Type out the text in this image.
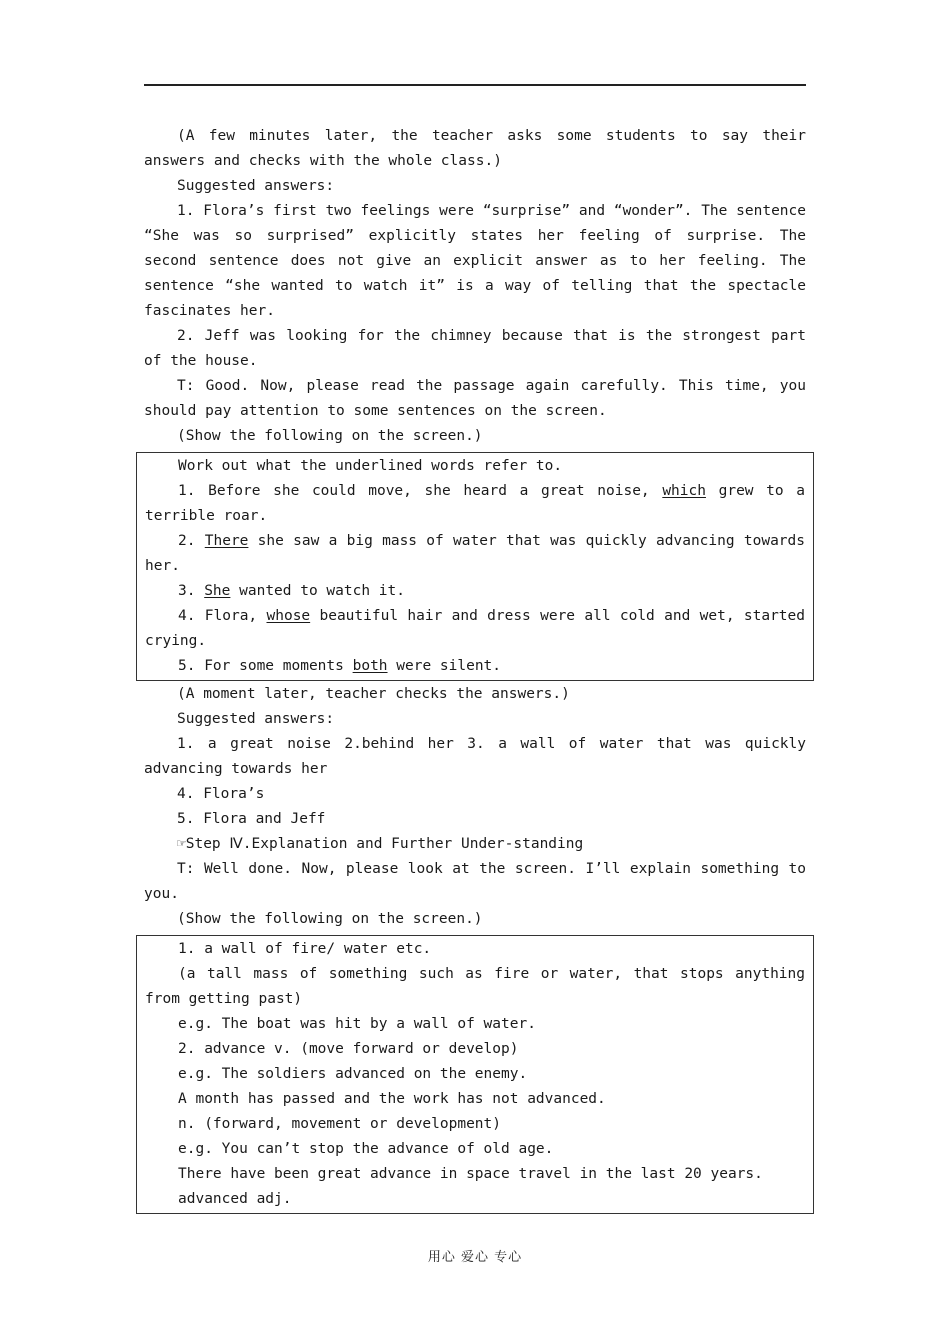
(A few minutes later, the teacher asks some students to say their answers and checks with the whole class.)

Suggested answers:

1. Flora’s first two feelings were “surprise” and “wonder”. The sentence “She was so surprised” explicitly states her feeling of surprise. The second sentence does not give an explicit answer as to her feeling. The sentence “she wanted to watch it” is a way of telling that the spectacle fascinates her.

2. Jeff was looking for the chimney because that is the strongest part of the house.

T: Good. Now, please read the passage again carefully. This time, you should pay attention to some sentences on the screen.

(Show the following on the screen.)

Work out what the underlined words refer to.

1. Before she could move, she heard a great noise, which grew to a terrible roar.

2. There she saw a big mass of water that was quickly advancing towards her.

3. She wanted to watch it.

4. Flora, whose beautiful hair and dress were all cold and wet, started crying.

5. For some moments both were silent.

(A moment later, teacher checks the answers.)

Suggested answers:

1. a great noise 2.behind her 3. a wall of water that was quickly advancing towards her

4. Flora’s

5. Flora and Jeff

☞Step Ⅳ.Explanation and Further Under-standing

T: Well done. Now, please look at the screen. I’ll explain something to you.

(Show the following on the screen.)

1. a wall of fire/ water etc.

(a tall mass of something such as fire or water, that stops anything from getting past)

e.g. The boat was hit by a wall of water.

2. advance v. (move forward or develop)

e.g. The soldiers advanced on the enemy.

A month has passed and the work has not advanced.

n. (forward, movement or development)

e.g. You can’t stop the advance of old age.

There have been great advance in space travel in the last 20 years.

advanced adj.

用心 爱心 专心
